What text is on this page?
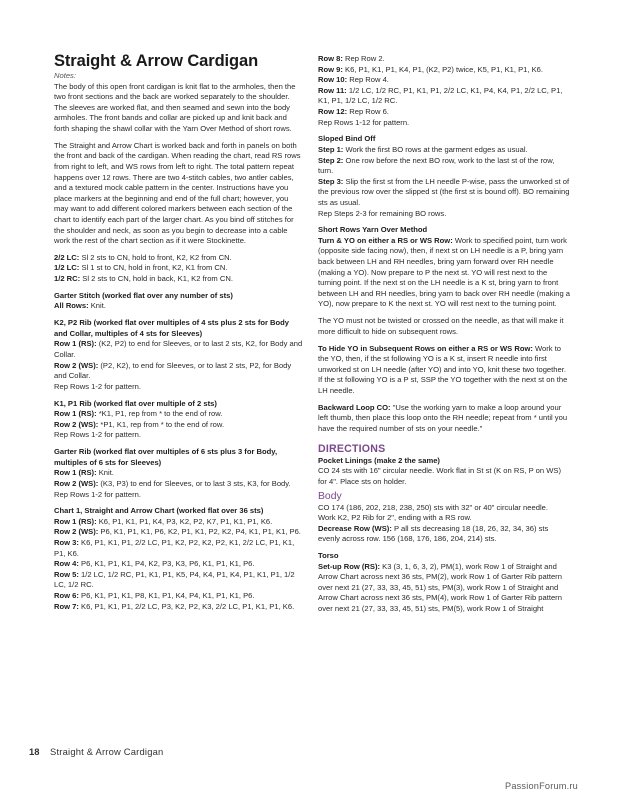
Straight & Arrow Cardigan
Notes:

The body of this open front cardigan is knit flat to the armholes, then the two front sections and the back are worked separately to the shoulder. The sleeves are worked flat, and then seamed and sewn into the body armholes. The front bands and collar are picked up and knit back and forth shaping the shawl collar with the Yarn Over Method of short rows.

The Straight and Arrow Chart is worked back and forth in panels on both the front and back of the cardigan. When reading the chart, read RS rows from right to left, and WS rows from left to right. The total pattern repeat happens over 12 rows. There are two 4-stitch cables, two antler cables, and a textured mock cable pattern in the center. Instructions have you place markers at the beginning and end of the full chart; however, you may want to add different colored markers between each section of the chart to identify each part of the larger chart. As you bind off stitches for the shoulder and neck, as soon as you begin to decrease into a cable work the rest of the chart section as if it were Stockinette.

2/2 LC: Sl 2 sts to CN, hold to front, K2, K2 from CN.

1/2 LC: Sl 1 st to CN, hold in front, K2, K1 from CN.

1/2 RC: Sl 2 sts to CN, hold in back, K1, K2 from CN.

Garter Stitch (worked flat over any number of sts)

All Rows: Knit.

K2, P2 Rib (worked flat over multiples of 4 sts plus 2 sts for Body and Collar, multiples of 4 sts for Sleeves)

Row 1 (RS): (K2, P2) to end for Sleeves, or to last 2 sts, K2, for Body and Collar.

Row 2 (WS): (P2, K2), to end for Sleeves, or to last 2 sts, P2, for Body and Collar.

Rep Rows 1-2 for pattern.

K1, P1 Rib (worked flat over multiple of 2 sts)

Row 1 (RS): *K1, P1, rep from * to the end of row.

Row 2 (WS): *P1, K1, rep from * to the end of row.

Rep Rows 1-2 for pattern.

Garter Rib (worked flat over multiples of 6 sts plus 3 for Body, multiples of 6 sts for Sleeves)

Row 1 (RS): Knit.

Row 2 (WS): (K3, P3) to end for Sleeves, or to last 3 sts, K3, for Body.

Rep Rows 1-2 for pattern.

Chart 1, Straight and Arrow Chart (worked flat over 36 sts)

Row 1 (RS): K6, P1, K1, P1, K4, P3, K2, P2, K7, P1, K1, P1, K6.

Row 2 (WS): P6, K1, P1, K1, P6, K2, P1, K1, P2, K2, P4, K1, P1, K1, P6.

Row 3: K6, P1, K1, P1, 2/2 LC, P1, K2, P2, K2, P2, K1, 2/2 LC, P1, K1, P1, K6.

Row 4: P6, K1, P1, K1, P4, K2, P3, K3, P6, K1, P1, K1, P6.

Row 5: 1/2 LC, 1/2 RC, P1, K1, P1, K5, P4, K4, P1, K4, P1, K1, P1, 1/2 LC, 1/2 RC.

Row 6: P6, K1, P1, K1, P8, K1, P1, K4, P4, K1, P1, K1, P6.

Row 7: K6, P1, K1, P1, 2/2 LC, P3, K2, P2, K3, 2/2 LC, P1, K1, P1, K6.

Row 8: Rep Row 2.

Row 9: K6, P1, K1, P1, K4, P1, (K2, P2) twice, K5, P1, K1, P1, K6.

Row 10: Rep Row 4.

Row 11: 1/2 LC, 1/2 RC, P1, K1, P1, 2/2 LC, K1, P4, K4, P1, 2/2 LC, P1, K1, P1, 1/2 LC, 1/2 RC.

Row 12: Rep Row 6.

Rep Rows 1-12 for pattern.

Sloped Bind Off

Step 1: Work the first BO rows at the garment edges as usual.

Step 2: One row before the next BO row, work to the last st of the row, turn.

Step 3: Slip the first st from the LH needle P-wise, pass the unworked st of the previous row over the slipped st (the first st is bound off). BO remaining sts as usual.

Rep Steps 2-3 for remaining BO rows.

Short Rows Yarn Over Method

Turn & YO on either a RS or WS Row: Work to specified point, turn work (opposite side facing now), then, if next st on LH needle is a P, bring yarn back between LH and RH needles, bring yarn forward over RH needle (making a YO). Now prepare to P the next st. YO will rest next to the turning point. If the next st on the LH needle is a K st, bring yarn to front between LH and RH needles, bring yarn to back over RH needle (making a YO), now prepare to K the next st. YO will rest next to the turning point.

The YO must not be twisted or crossed on the needle, as that will make it more difficult to hide on subsequent rows.

To Hide YO in Subsequent Rows on either a RS or WS Row: Work to the YO, then, if the st following YO is a K st, insert R needle into first unworked st on LH needle (after YO) and into YO, knit these two together. If the st following YO is a P st, SSP the YO together with the next st on the LH needle.

Backward Loop CO: "Use the working yarn to make a loop around your left thumb, then place this loop onto the RH needle; repeat from * until you have the required number of sts on your needle."

DIRECTIONS

Pocket Linings (make 2 the same)

CO 24 sts with 16" circular needle. Work flat in St st (K on RS, P on WS) for 4". Place sts on holder.

Body

CO 174 (186, 202, 218, 238, 250) sts with 32" or 40" circular needle.

Work K2, P2 Rib for 2", ending with a RS row.

Decrease Row (WS): P all sts decreasing 18 (18, 26, 32, 34, 36) sts evenly across row. 156 (168, 176, 186, 204, 214) sts.

Torso

Set-up Row (RS): K3 (3, 1, 6, 3, 2), PM(1), work Row 1 of Straight and Arrow Chart across next 36 sts, PM(2), work Row 1 of Garter Rib pattern over next 21 (27, 33, 33, 45, 51) sts, PM(3), work Row 1 of Straight and Arrow Chart across next 36 sts, PM(4), work Row 1 of Garter Rib pattern over next 21 (27, 33, 33, 45, 51) sts, PM(5), work Row 1 of Straight

18 Straight & Arrow Cardigan
PassionForum.ru
